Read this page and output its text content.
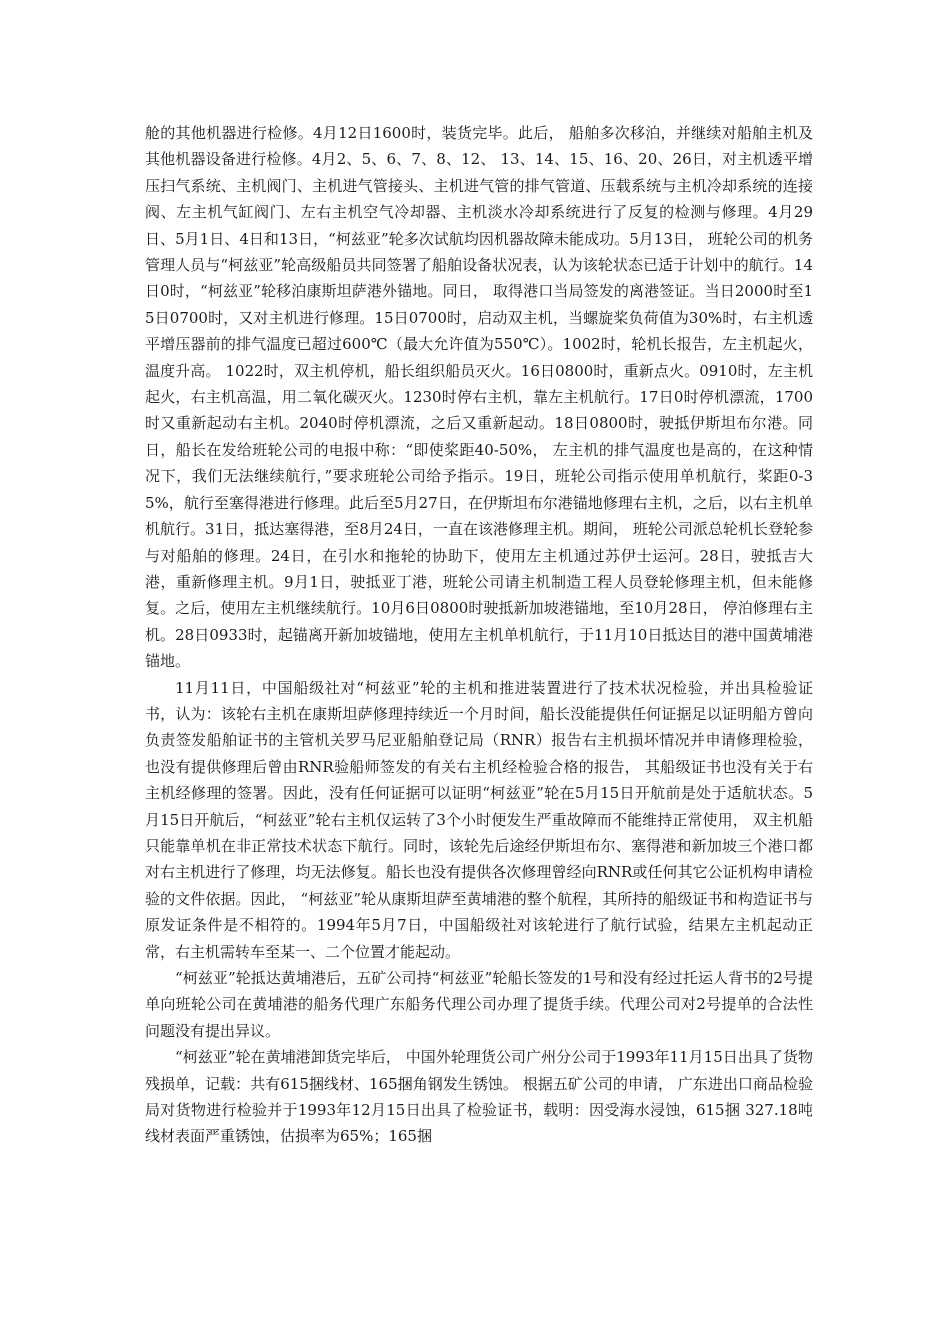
舱的其他机器进行检修。4月12日1600时，装货完毕。此后， 船舶多次移泊，并继续对船舶主机及其他机器设备进行检修。4月2、5、6、7、8、12、 13、14、15、16、20、26日，对主机透平增压扫气系统、主机阀门、主机进气管接头、主机进气管的排气管道、压载系统与主机冷却系统的连接阀、左主机气缸阀门、左右主机空气冷却器、主机淡水冷却系统进行了反复的检测与修理。4月29日、5月1日、4日和13日，“柯兹亚”轮多次试航均因机器故障未能成功。5月13日， 班轮公司的机务管理人员与“柯兹亚”轮高级船员共同签署了船舶设备状况表，认为该轮状态已适于计划中的航行。14日0时，“柯兹亚”轮移泊康斯坦萨港外锚地。同日， 取得港口当局签发的离港签证。当日2000时至15日0700时，又对主机进行修理。15日0700时，启动双主机，当螺旋桨负荷值为30%时，右主机透平增压器前的排气温度已超过600℃（最大允许值为550℃）。1002时，轮机长报告，左主机起火，温度升高。 1022时，双主机停机，船长组织船员灭火。16日0800时，重新点火。0910时，左主机起火，右主机高温，用二氧化碳灭火。1230时停右主机，靠左主机航行。17日0时停机漂流，1700时又重新起动右主机。2040时停机漂流，之后又重新起动。18日0800时，驶抵伊斯坦布尔港。同日，船长在发给班轮公司的电报中称：“即使桨距40-50%， 左主机的排气温度也是高的，在这种情况下，我们无法继续航行，”要求班轮公司给予指示。19日，班轮公司指示使用单机航行，桨距0-35%，航行至塞得港进行修理。此后至5月27日，在伊斯坦布尔港锚地修理右主机，之后，以右主机单机航行。31日，抵达塞得港，至8月24日，一直在该港修理主机。期间， 班轮公司派总轮机长登轮参与对船舶的修理。24日，在引水和拖轮的协助下，使用左主机通过苏伊士运河。28日，驶抵吉大港，重新修理主机。9月1日，驶抵亚丁港，班轮公司请主机制造工程人员登轮修理主机，但未能修复。之后，使用左主机继续航行。10月6日0800时驶抵新加坡港锚地，至10月28日， 停泊修理右主机。28日0933时，起锚离开新加坡锚地，使用左主机单机航行，于11月10日抵达目的港中国黄埔港锚地。

11月11日，中国船级社对“柯兹亚”轮的主机和推进装置进行了技术状况检验，并出具检验证书，认为：该轮右主机在康斯坦萨修理持续近一个月时间，船长没能提供任何证据足以证明船方曾向负责签发船舶证书的主管机关罗马尼亚船舶登记局（RNR）报告右主机损坏情况并申请修理检验， 也没有提供修理后曾由RNR验船师签发的有关右主机经检验合格的报告， 其船级证书也没有关于右主机经修理的签署。因此，没有任何证据可以证明“柯兹亚”轮在5月15日开航前是处于适航状态。5月15日开航后，“柯兹亚”轮右主机仅运转了3个小时便发生严重故障而不能维持正常使用， 双主机船只能靠单机在非正常技术状态下航行。同时，该轮先后途经伊斯坦布尔、塞得港和新加坡三个港口都对右主机进行了修理，均无法修复。船长也没有提供各次修理曾经向RNR或任何其它公证机构申请检验的文件依据。因此， “柯兹亚”轮从康斯坦萨至黄埔港的整个航程，其所持的船级证书和构造证书与原发证条件是不相符的。1994年5月7日，中国船级社对该轮进行了航行试验，结果左主机起动正常，右主机需转车至某一、二个位置才能起动。

“柯兹亚”轮抵达黄埔港后，五矿公司持“柯兹亚”轮船长签发的1号和没有经过托运人背书的2号提单向班轮公司在黄埔港的船务代理广东船务代理公司办理了提货手续。代理公司对2号提单的合法性问题没有提出异议。

“柯兹亚”轮在黄埔港卸货完毕后， 中国外轮理货公司广州分公司于1993年11月15日出具了货物残损单，记载：共有615捆线材、165捆角钢发生锈蚀。 根据五矿公司的申请， 广东进出口商品检验局对货物进行检验并于1993年12月15日出具了检验证书，载明：因受海水浸蚀，615捆 327.18吨线材表面严重锈蚀，估损率为65%；165捆
